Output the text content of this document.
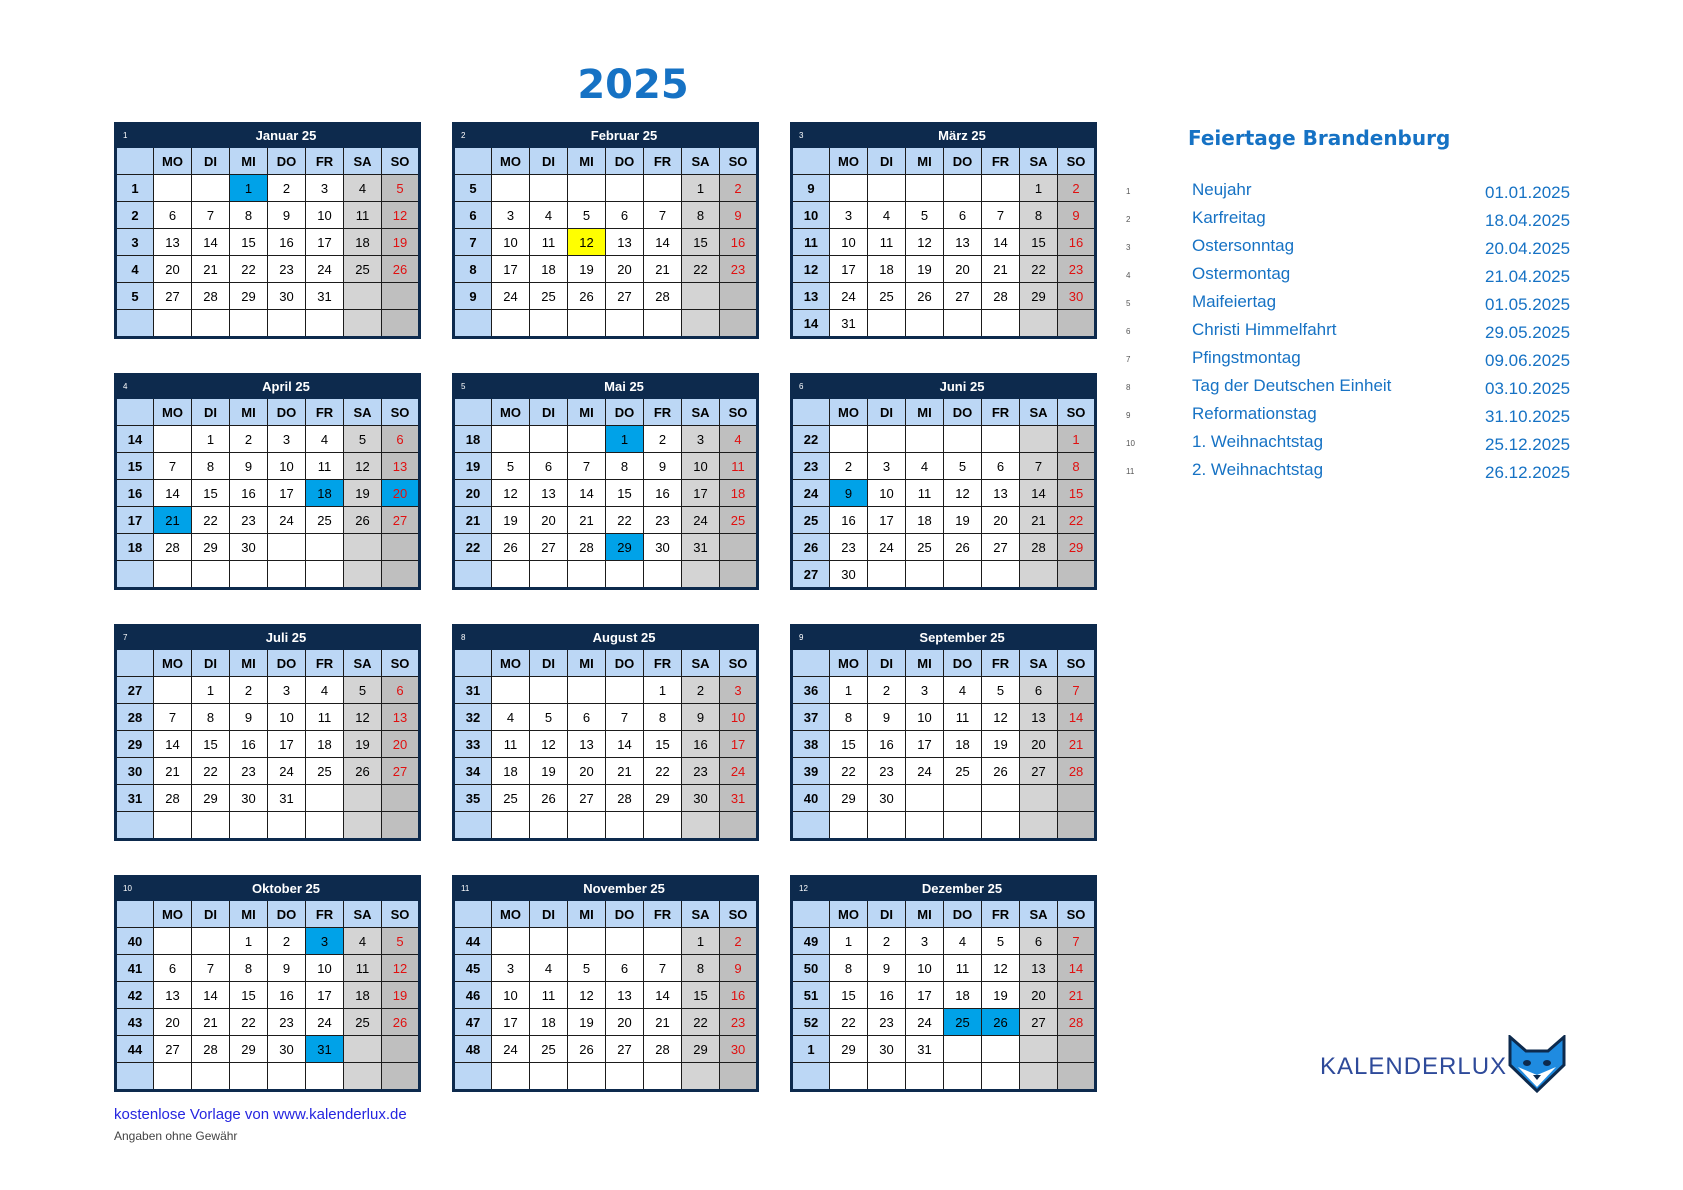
2025
1	Januar 25						
	MO	DI	MI	DO	FR	SA	SO
1			1	2	3	4	5
2	6	7	8	9	10	11	12
3	13	14	15	16	17	18	19
4	20	21	22	23	24	25	26
5	27	28	29	30	31		

2	Februar 25						
	MO	DI	MI	DO	FR	SA	SO
5						1	2
6	3	4	5	6	7	8	9
7	10	11	12	13	14	15	16
8	17	18	19	20	21	22	23
9	24	25	26	27	28		

3	März 25						
	MO	DI	MI	DO	FR	SA	SO
9						1	2
10	3	4	5	6	7	8	9
11	10	11	12	13	14	15	16
12	17	18	19	20	21	22	23
13	24	25	26	27	28	29	30
14	31						
4	April 25						
	MO	DI	MI	DO	FR	SA	SO
14		1	2	3	4	5	6
15	7	8	9	10	11	12	13
16	14	15	16	17	18	19	20
17	21	22	23	24	25	26	27
18	28	29	30				

5	Mai 25						
	MO	DI	MI	DO	FR	SA	SO
18				1	2	3	4
19	5	6	7	8	9	10	11
20	12	13	14	15	16	17	18
21	19	20	21	22	23	24	25
22	26	27	28	29	30	31	

6	Juni 25						
	MO	DI	MI	DO	FR	SA	SO
22							1
23	2	3	4	5	6	7	8
24	9	10	11	12	13	14	15
25	16	17	18	19	20	21	22
26	23	24	25	26	27	28	29
27	30						
7	Juli 25						
	MO	DI	MI	DO	FR	SA	SO
27		1	2	3	4	5	6
28	7	8	9	10	11	12	13
29	14	15	16	17	18	19	20
30	21	22	23	24	25	26	27
31	28	29	30	31			

8	August 25						
	MO	DI	MI	DO	FR	SA	SO
31					1	2	3
32	4	5	6	7	8	9	10
33	11	12	13	14	15	16	17
34	18	19	20	21	22	23	24
35	25	26	27	28	29	30	31

9	September 25						
	MO	DI	MI	DO	FR	SA	SO
36	1	2	3	4	5	6	7
37	8	9	10	11	12	13	14
38	15	16	17	18	19	20	21
39	22	23	24	25	26	27	28
40	29	30					

10	Oktober 25						
	MO	DI	MI	DO	FR	SA	SO
40			1	2	3	4	5
41	6	7	8	9	10	11	12
42	13	14	15	16	17	18	19
43	20	21	22	23	24	25	26
44	27	28	29	30	31		

11	November 25						
	MO	DI	MI	DO	FR	SA	SO
44						1	2
45	3	4	5	6	7	8	9
46	10	11	12	13	14	15	16
47	17	18	19	20	21	22	23
48	24	25	26	27	28	29	30

12	Dezember 25						
	MO	DI	MI	DO	FR	SA	SO
49	1	2	3	4	5	6	7
50	8	9	10	11	12	13	14
51	15	16	17	18	19	20	21
52	22	23	24	25	26	27	28
1	29	30	31				

Feiertage Brandenburg
1	Neujahr	01.01.2025
2	Karfreitag	18.04.2025
3	Ostersonntag	20.04.2025
4	Ostermontag	21.04.2025
5	Maifeiertag	01.05.2025
6	Christi Himmelfahrt	29.05.2025
7	Pfingstmontag	09.06.2025
8	Tag der Deutschen Einheit	03.10.2025
9	Reformationstag	31.10.2025
10	1. Weihnachtstag	25.12.2025
11	2. Weihnachtstag	26.12.2025
kostenlose Vorlage von www.kalenderlux.de
Angaben ohne Gewähr
KALENDERLUX
